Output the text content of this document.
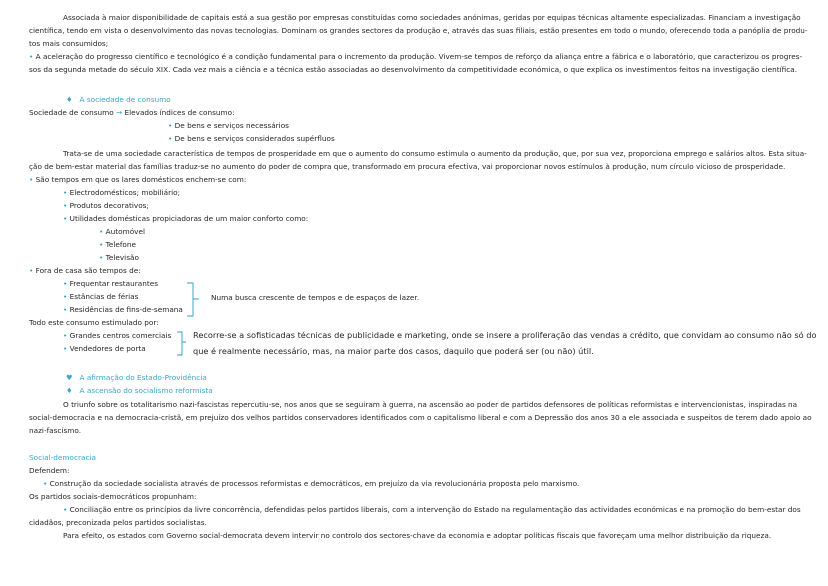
Associada à maior disponibilidade de capitais está a sua gestão por empresas constituídas como sociedades anónimas, geridas por equipas técnicas altamente especializadas. Financiam a investigação
científica, tendo em vista o desenvolvimento das novas tecnologias. Dominam os grandes sectores da produção e, através das suas filiais, estão presentes em todo o mundo, oferecendo toda a panóplia de produ-
tos mais consumidos;
• A aceleração do progresso científico e tecnológico é a condição fundamental para o incremento da produção. Vivem-se tempos de reforço da aliança entre a fábrica e o laboratório, que caracterizou os progres-
sos da segunda metade do século XIX. Cada vez mais a ciência e a técnica estão associadas ao desenvolvimento da competitividade económica, o que explica os investimentos feitos na investigação científica.
♦ A sociedade de consumo
Sociedade de consumo → Elevados índices de consumo:
• De bens e serviços necessários
• De bens e serviços considerados supérfluos
Trata-se de uma sociedade característica de tempos de prosperidade em que o aumento do consumo estimula o aumento da produção, que, por sua vez, proporciona emprego e salários altos. Esta situa-
ção de bem-estar material das famílias traduz-se no aumento do poder de compra que, transformado em procura efectiva, vai proporcionar novos estímulos à produção, num círculo vicioso de prosperidade.
• São tempos em que os lares domésticos enchem-se com:
• Electrodomésticos; mobiliário;
• Produtos decorativos;
• Utilidades domésticas propiciadoras de um maior conforto como:
• Automóvel
• Telefone
• Televisão
• Fora de casa são tempos de:
• Frequentar restaurantes
• Estâncias de férias
• Residências de fins-de-semana
Numa busca crescente de tempos e de espaços de lazer.
Todo este consumo estimulado por:
• Grandes centros comerciais
• Vendedores de porta
Recorre-se a sofisticadas técnicas de publicidade e marketing, onde se insere a proliferação das vendas a crédito, que convidam ao consumo não só do
que é realmente necessário, mas, na maior parte dos casos, daquilo que poderá ser (ou não) útil.
♥ A afirmação do Estado-Providência
♦ A ascensão do socialismo reformista
O triunfo sobre os totalitarismo nazi-fascistas repercutiu-se, nos anos que se seguiram à guerra, na ascensão ao poder de partidos defensores de políticas reformistas e intervencionistas, inspiradas na
social-democracia e na democracia-cristã, em prejuízo dos velhos partidos conservadores identificados com o capitalismo liberal e com a Depressão dos anos 30 a ele associada e suspeitos de terem dado apoio ao
nazi-fascismo.
Social-democracia
Defendem:
• Construção da sociedade socialista através de processos reformistas e democráticos, em prejuízo da via revolucionária proposta pelo marxismo.
Os partidos sociais-democráticos propunham:
• Conciliação entre os princípios da livre concorrência, defendidas pelos partidos liberais, com a intervenção do Estado na regulamentação das actividades económicas e na promoção do bem-estar dos
cidadãos, preconizada pelos partidos socialistas.
Para efeito, os estados com Governo social-democrata devem intervir no controlo dos sectores-chave da economia e adoptar políticas fiscais que favoreçam uma melhor distribuição da riqueza.
